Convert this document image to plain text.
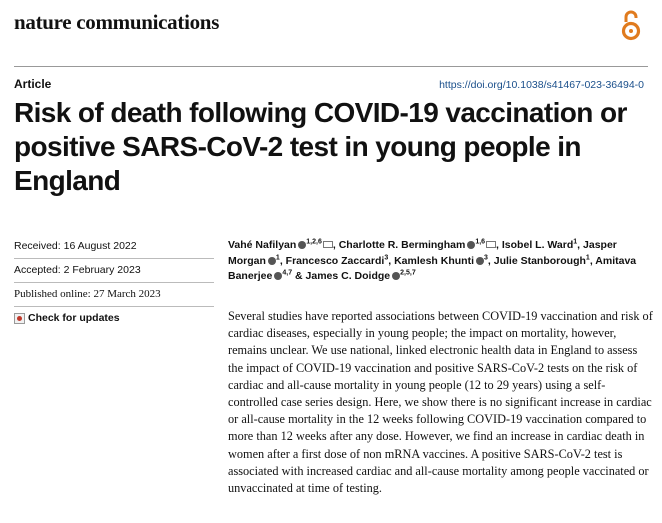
nature communications
Article	https://doi.org/10.1038/s41467-023-36494-0
Risk of death following COVID-19 vaccination or positive SARS-CoV-2 test in young people in England
Received: 16 August 2022
Accepted: 2 February 2023
Published online: 27 March 2023
Check for updates
Vahé Nafilyan $^{1,2,6}$ , Charlotte R. Bermingham $^{1,6}$ , Isobel L. Ward$^1$, Jasper Morgan $^1$, Francesco Zaccardi$^3$, Kamlesh Khunti $^3$, Julie Stanborough$^1$, Amitava Banerjee $^{4,7}$ & James C. Doidge $^{2,5,7}$

Several studies have reported associations between COVID-19 vaccination and risk of cardiac diseases, especially in young people; the impact on mortality, however, remains unclear. We use national, linked electronic health data in England to assess the impact of COVID-19 vaccination and positive SARS-CoV-2 tests on the risk of cardiac and all-cause mortality in young people (12 to 29 years) using a self-controlled case series design. Here, we show there is no significant increase in cardiac or all-cause mortality in the 12 weeks following COVID-19 vaccination compared to more than 12 weeks after any dose. However, we find an increase in cardiac death in women after a first dose of non mRNA vaccines. A positive SARS-CoV-2 test is associated with increased cardiac and all-cause mortality among people vaccinated or unvaccinated at time of testing.
